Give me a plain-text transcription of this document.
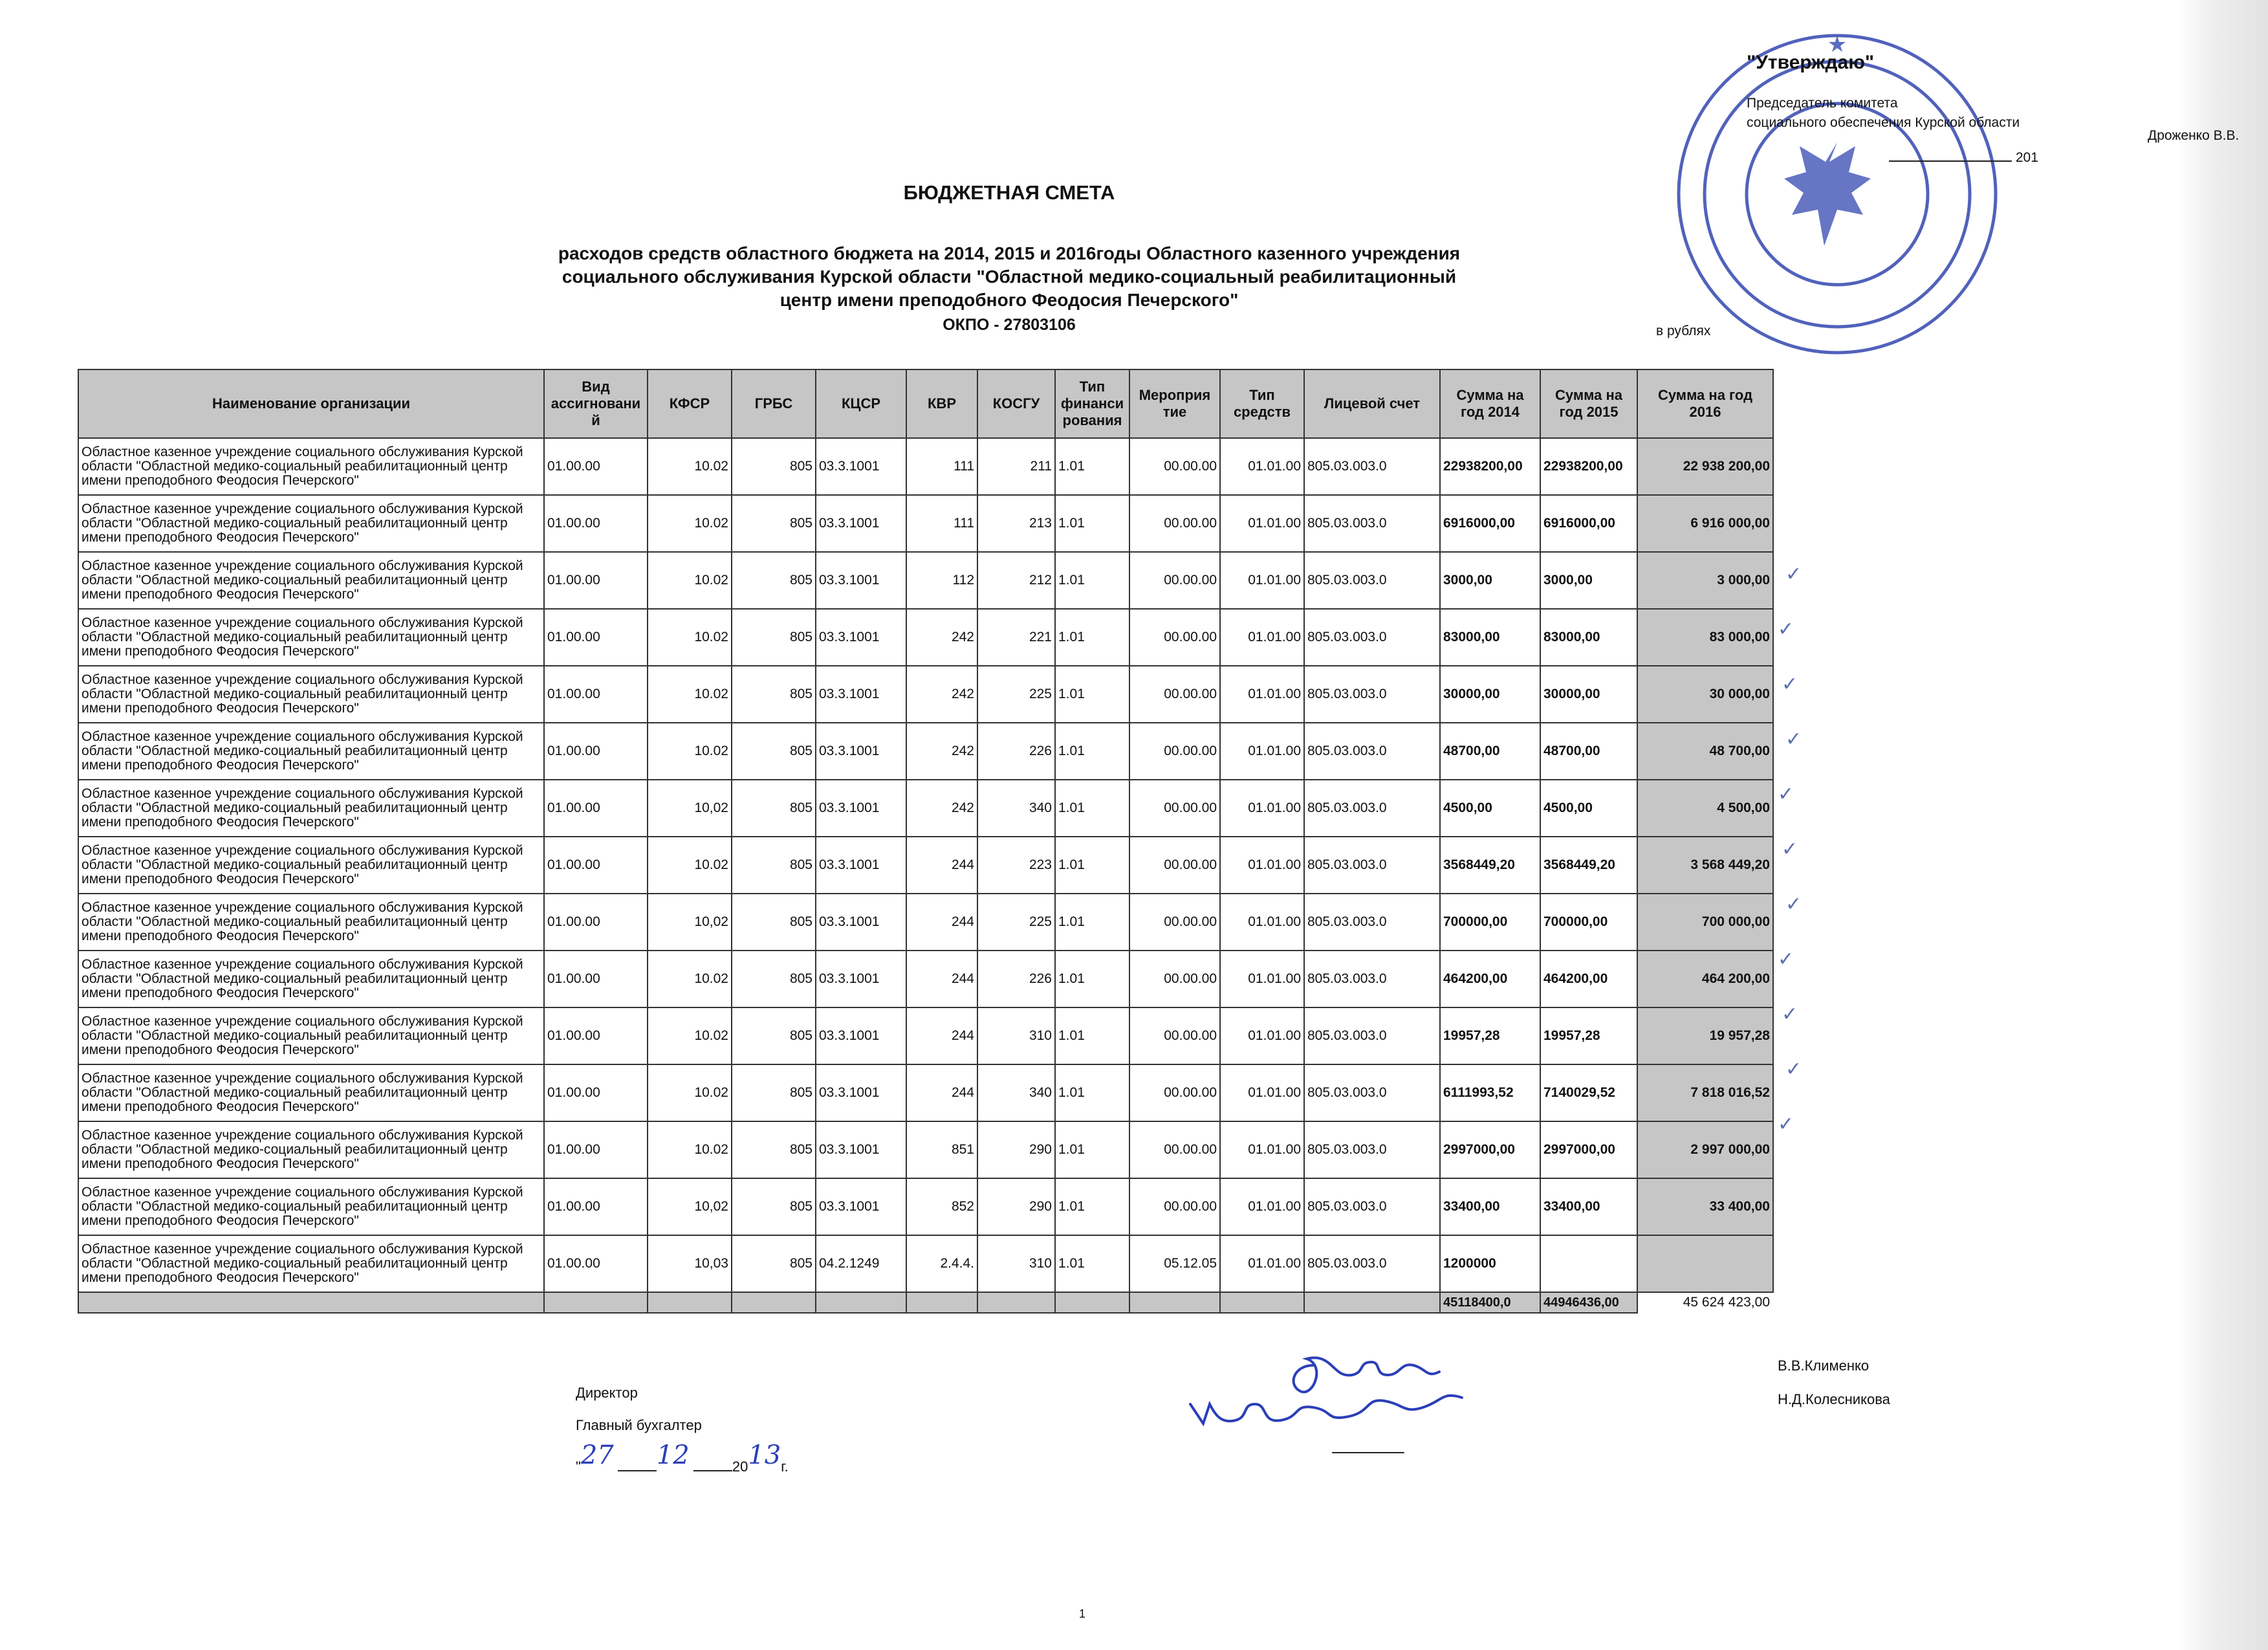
★
"Утверждаю"
Председатель комитета
социального обеспечения Курской области
Дроженко В.В.
201
БЮДЖЕТНАЯ СМЕТА
расходов средств областного бюджета на 2014, 2015 и 2016годы Областного казенного учреждения социального обслуживания Курской области "Областной медико-социальный реабилитационный центр имени преподобного Феодосия Печерского"
ОКПО - 27803106	в рублях
Наименование организации	Вид ассигновани й	КФСР	ГРБС	КЦСР	КВР	КОСГУ	Тип финанси рования	Мероприя тие	Тип средств	Лицевой счет	Сумма на год 2014	Сумма на год 2015	Сумма на год 2016
Областное казенное учреждение социального обслуживания Курской области "Областной медико-социальный реабилитационный центр имени преподобного Феодосия Печерского"	01.00.00	10.02	805	03.3.1001	111	211	1.01	00.00.00	01.01.00	805.03.003.0	22938200,00	22938200,00	22 938 200,00
Областное казенное учреждение социального обслуживания Курской области "Областной медико-социальный реабилитационный центр имени преподобного Феодосия Печерского"	01.00.00	10.02	805	03.3.1001	111	213	1.01	00.00.00	01.01.00	805.03.003.0	6916000,00	6916000,00	6 916 000,00
Областное казенное учреждение социального обслуживания Курской области "Областной медико-социальный реабилитационный центр имени преподобного Феодосия Печерского"	01.00.00	10.02	805	03.3.1001	112	212	1.01	00.00.00	01.01.00	805.03.003.0	3000,00	3000,00	3 000,00
Областное казенное учреждение социального обслуживания Курской области "Областной медико-социальный реабилитационный центр имени преподобного Феодосия Печерского"	01.00.00	10.02	805	03.3.1001	242	221	1.01	00.00.00	01.01.00	805.03.003.0	83000,00	83000,00	83 000,00
Областное казенное учреждение социального обслуживания Курской области "Областной медико-социальный реабилитационный центр имени преподобного Феодосия Печерского"	01.00.00	10.02	805	03.3.1001	242	225	1.01	00.00.00	01.01.00	805.03.003.0	30000,00	30000,00	30 000,00
Областное казенное учреждение социального обслуживания Курской области "Областной медико-социальный реабилитационный центр имени преподобного Феодосия Печерского"	01.00.00	10.02	805	03.3.1001	242	226	1.01	00.00.00	01.01.00	805.03.003.0	48700,00	48700,00	48 700,00
Областное казенное учреждение социального обслуживания Курской области "Областной медико-социальный реабилитационный центр имени преподобного Феодосия Печерского"	01.00.00	10,02	805	03.3.1001	242	340	1.01	00.00.00	01.01.00	805.03.003.0	4500,00	4500,00	4 500,00
Областное казенное учреждение социального обслуживания Курской области "Областной медико-социальный реабилитационный центр имени преподобного Феодосия Печерского"	01.00.00	10.02	805	03.3.1001	244	223	1.01	00.00.00	01.01.00	805.03.003.0	3568449,20	3568449,20	3 568 449,20
Областное казенное учреждение социального обслуживания Курской области "Областной медико-социальный реабилитационный центр имени преподобного Феодосия Печерского"	01.00.00	10,02	805	03.3.1001	244	225	1.01	00.00.00	01.01.00	805.03.003.0	700000,00	700000,00	700 000,00
Областное казенное учреждение социального обслуживания Курской области "Областной медико-социальный реабилитационный центр имени преподобного Феодосия Печерского"	01.00.00	10.02	805	03.3.1001	244	226	1.01	00.00.00	01.01.00	805.03.003.0	464200,00	464200,00	464 200,00
Областное казенное учреждение социального обслуживания Курской области "Областной медико-социальный реабилитационный центр имени преподобного Феодосия Печерского"	01.00.00	10.02	805	03.3.1001	244	310	1.01	00.00.00	01.01.00	805.03.003.0	19957,28	19957,28	19 957,28
Областное казенное учреждение социального обслуживания Курской области "Областной медико-социальный реабилитационный центр имени преподобного Феодосия Печерского"	01.00.00	10.02	805	03.3.1001	244	340	1.01	00.00.00	01.01.00	805.03.003.0	6111993,52	7140029,52	7 818 016,52
Областное казенное учреждение социального обслуживания Курской области "Областной медико-социальный реабилитационный центр имени преподобного Феодосия Печерского"	01.00.00	10.02	805	03.3.1001	851	290	1.01	00.00.00	01.01.00	805.03.003.0	2997000,00	2997000,00	2 997 000,00
Областное казенное учреждение социального обслуживания Курской области "Областной медико-социальный реабилитационный центр имени преподобного Феодосия Печерского"	01.00.00	10,02	805	03.3.1001	852	290	1.01	00.00.00	01.01.00	805.03.003.0	33400,00	33400,00	33 400,00
Областное казенное учреждение социального обслуживания Курской области "Областной медико-социальный реабилитационный центр имени преподобного Феодосия Печерского"	01.00.00	10,03	805	04.2.1249	2.4.4.	310	1.01	05.12.05	01.01.00	805.03.003.0	1200000		
											45118400,0	44946436,00	45 624 423,00
✓
✓
✓
✓
✓
✓
✓
✓
✓
✓
✓
Директор
Главный бухгалтер
В.В.Клименко
Н.Д.Колесникова
"27 12	2013г.
1
